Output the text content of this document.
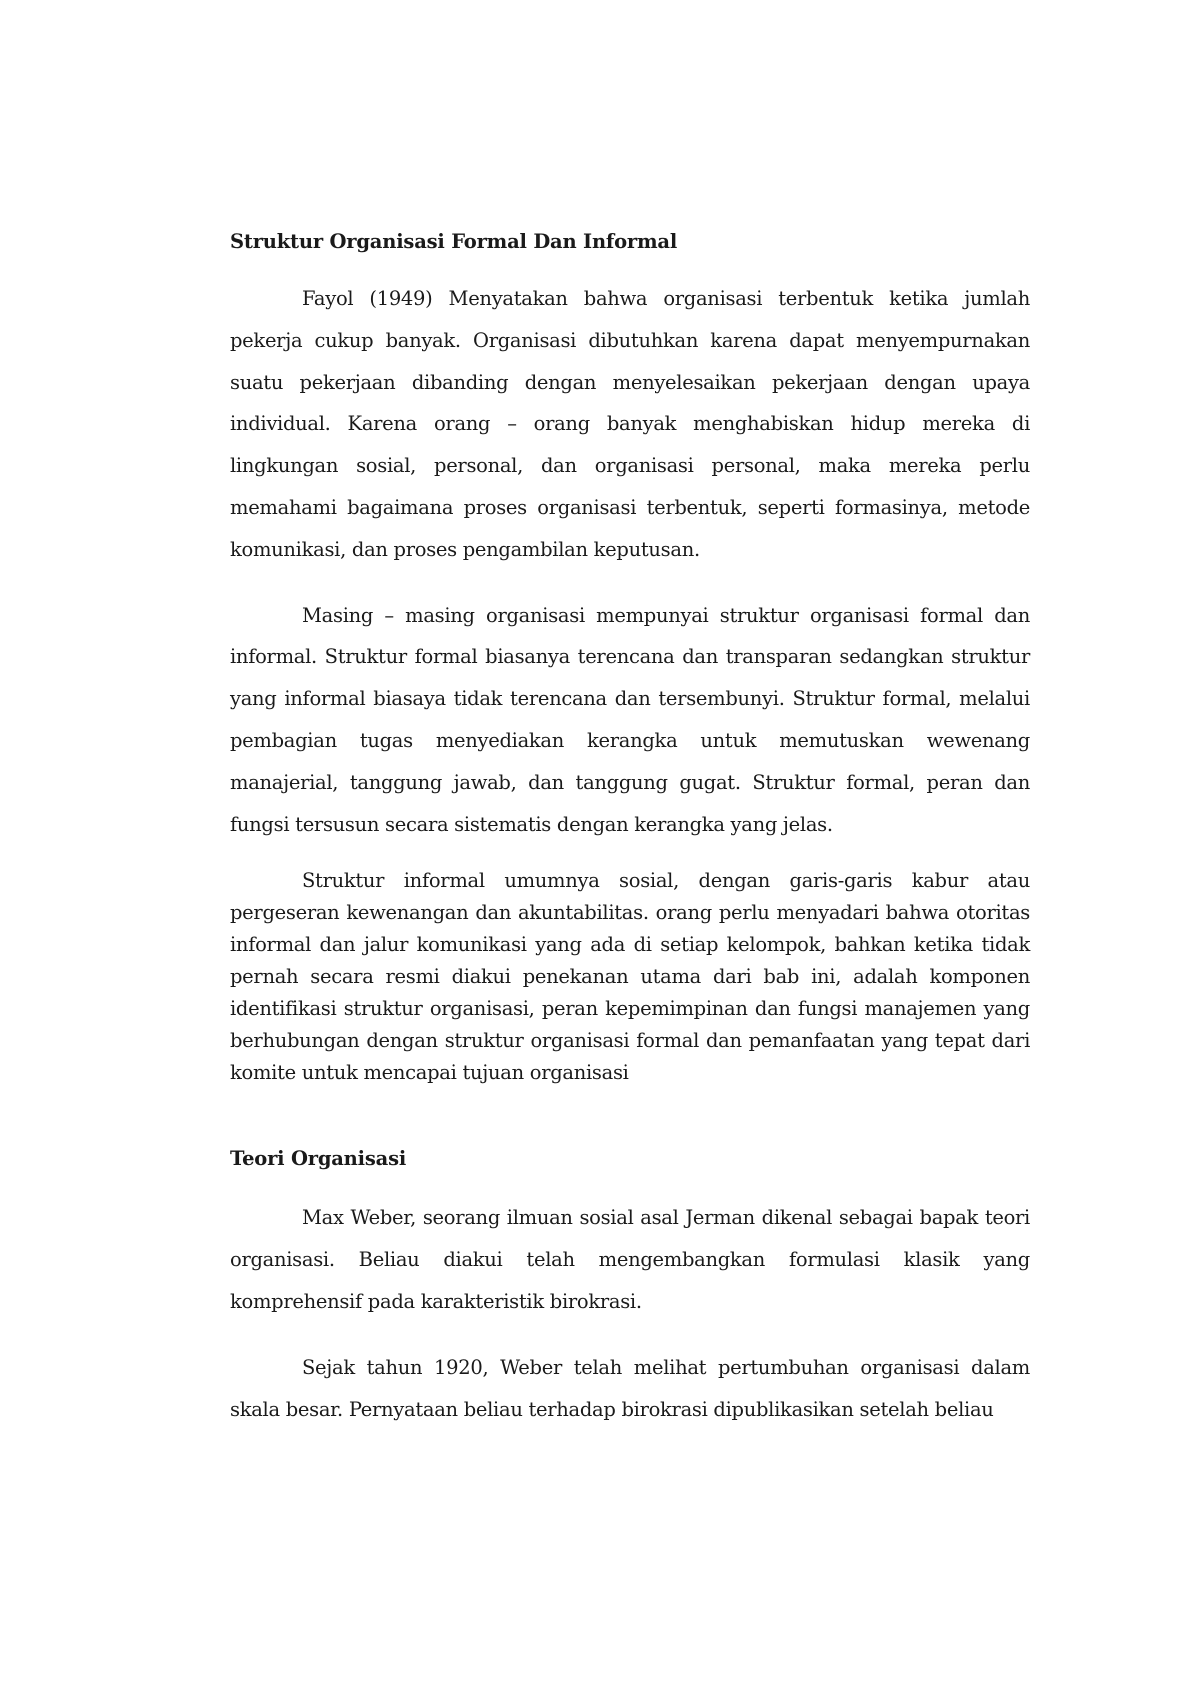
Struktur Organisasi Formal Dan Informal

Fayol (1949) Menyatakan bahwa organisasi terbentuk ketika jumlah pekerja cukup banyak. Organisasi dibutuhkan karena dapat menyempurnakan suatu pekerjaan dibanding dengan menyelesaikan pekerjaan dengan upaya individual. Karena orang – orang banyak menghabiskan hidup mereka di lingkungan sosial, personal, dan organisasi personal, maka mereka perlu memahami bagaimana proses organisasi terbentuk, seperti formasinya, metode komunikasi, dan proses pengambilan keputusan.

Masing – masing organisasi mempunyai struktur organisasi formal dan informal. Struktur formal biasanya terencana dan transparan sedangkan struktur yang informal biasaya tidak terencana dan tersembunyi. Struktur formal, melalui pembagian tugas menyediakan kerangka untuk memutuskan wewenang manajerial, tanggung jawab, dan tanggung gugat. Struktur formal, peran dan fungsi tersusun secara sistematis dengan kerangka yang jelas.

Struktur informal umumnya sosial, dengan garis-garis kabur atau pergeseran kewenangan dan akuntabilitas. orang perlu menyadari bahwa otoritas informal dan jalur komunikasi yang ada di setiap kelompok, bahkan ketika tidak pernah secara resmi diakui penekanan utama dari bab ini, adalah komponen identifikasi struktur organisasi, peran kepemimpinan dan fungsi manajemen yang berhubungan dengan struktur organisasi formal dan pemanfaatan yang tepat dari komite untuk mencapai tujuan organisasi

Teori Organisasi

Max Weber, seorang ilmuan sosial asal Jerman dikenal sebagai bapak teori organisasi. Beliau diakui telah mengembangkan formulasi klasik yang komprehensif pada karakteristik birokrasi.

Sejak tahun 1920, Weber telah melihat pertumbuhan organisasi dalam skala besar. Pernyataan beliau terhadap birokrasi dipublikasikan setelah beliau
